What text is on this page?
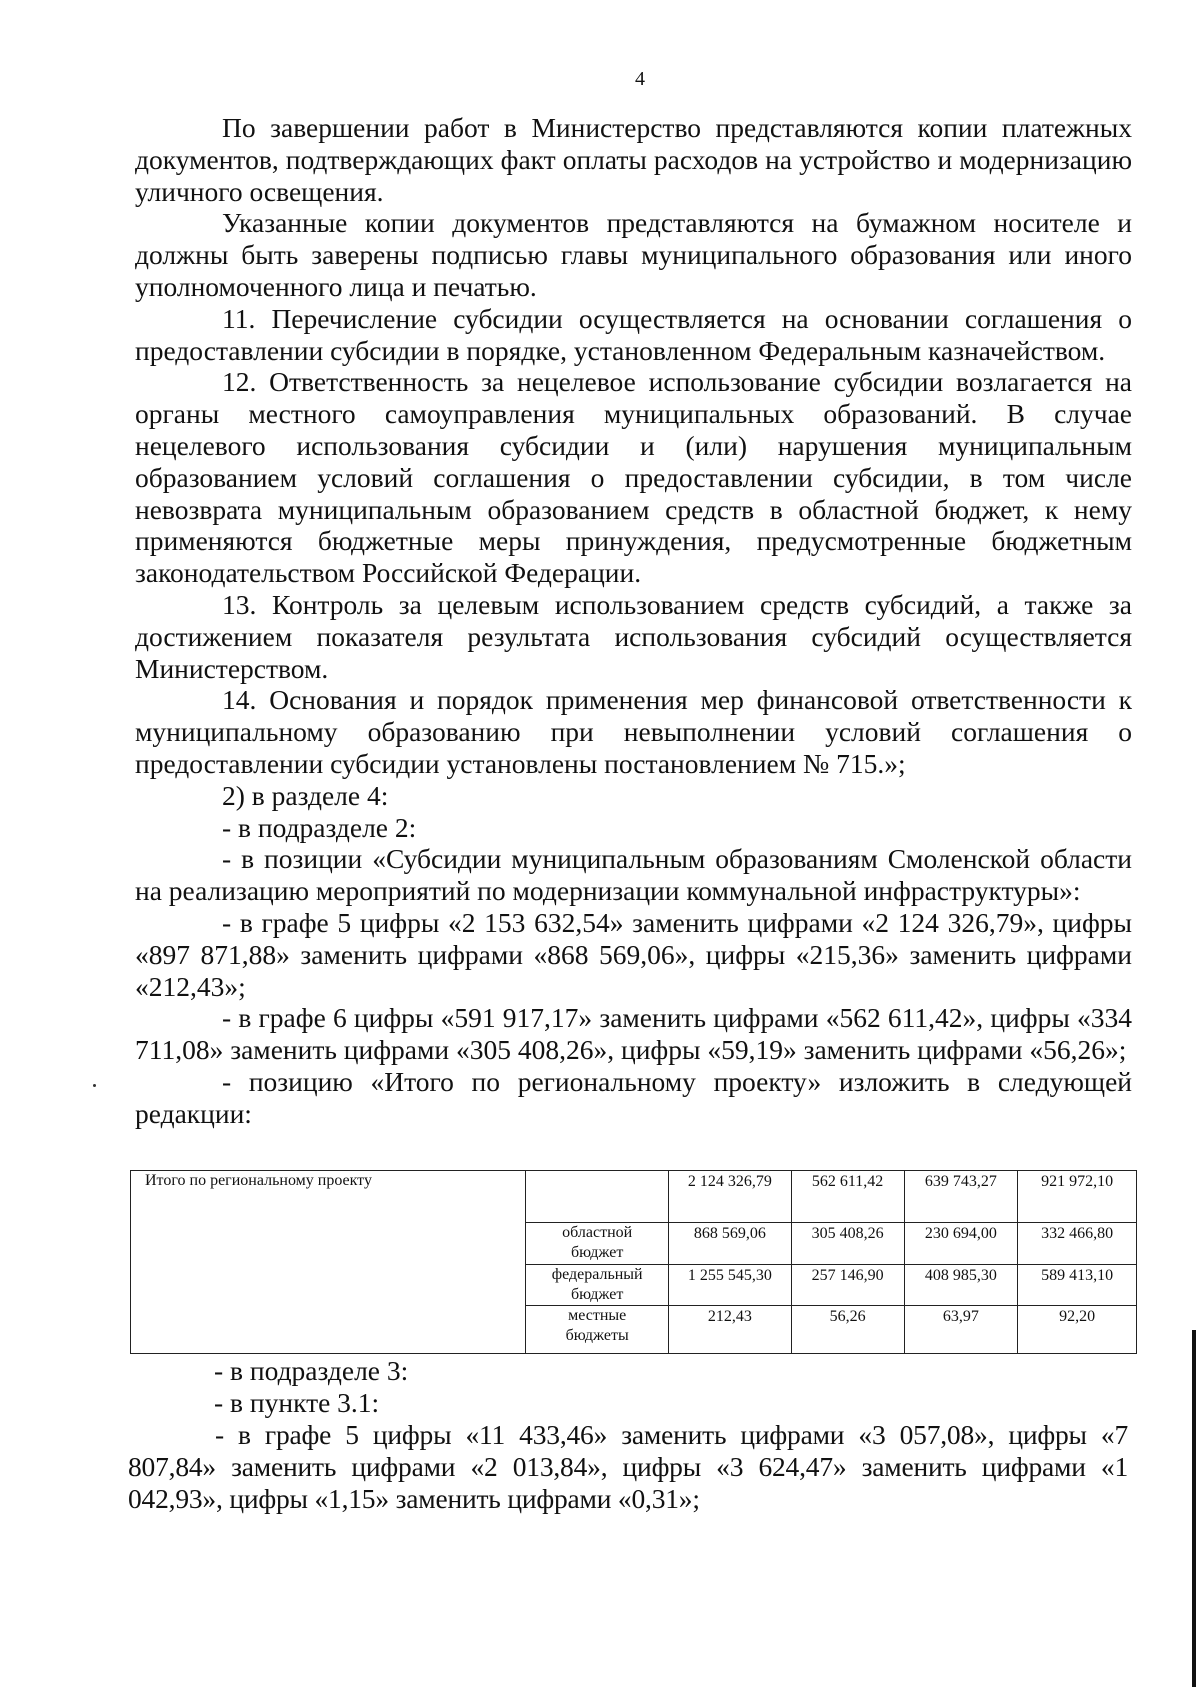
4

По завершении работ в Министерство представляются копии платежных документов, подтверждающих факт оплаты расходов на устройство и модернизацию уличного освещения.

Указанные копии документов представляются на бумажном носителе и должны быть заверены подписью главы муниципального образования или иного уполномоченного лица и печатью.

11. Перечисление субсидии осуществляется на основании соглашения о предоставлении субсидии в порядке, установленном Федеральным казначейством.

12. Ответственность за нецелевое использование субсидии возлагается на органы местного самоуправления муниципальных образований. В случае нецелевого использования субсидии и (или) нарушения муниципальным образованием условий соглашения о предоставлении субсидии, в том числе невозврата муниципальным образованием средств в областной бюджет, к нему применяются бюджетные меры принуждения, предусмотренные бюджетным законодательством Российской Федерации.

13. Контроль за целевым использованием средств субсидий, а также за достижением показателя результата использования субсидий осуществляется Министерством.

14. Основания и порядок применения мер финансовой ответственности к муниципальному образованию при невыполнении условий соглашения о предоставлении субсидии установлены постановлением № 715.»;

2) в разделе 4:

- в подразделе 2:

- в позиции «Субсидии муниципальным образованиям Смоленской области на реализацию мероприятий по модернизации коммунальной инфраструктуры»:

- в графе 5 цифры «2 153 632,54» заменить цифрами «2 124 326,79», цифры «897 871,88» заменить цифрами «868 569,06», цифры «215,36» заменить цифрами «212,43»;

- в графе 6 цифры «591 917,17» заменить цифрами «562 611,42», цифры «334 711,08» заменить цифрами «305 408,26», цифры «59,19» заменить цифрами «56,26»;

- позицию «Итого по региональному проекту» изложить в следующей редакции:

Итого по региональному проекту		2 124 326,79	562 611,42	639 743,27	921 972,10
	областной бюджет	868 569,06	305 408,26	230 694,00	332 466,80
	федеральный бюджет	1 255 545,30	257 146,90	408 985,30	589 413,10
	местные бюджеты	212,43	56,26	63,97	92,20

- в подразделе 3:

- в пункте 3.1:

- в графе 5 цифры «11 433,46» заменить цифрами «3 057,08», цифры «7 807,84» заменить цифрами «2 013,84», цифры «3 624,47» заменить цифрами «1 042,93», цифры «1,15» заменить цифрами «0,31»;
